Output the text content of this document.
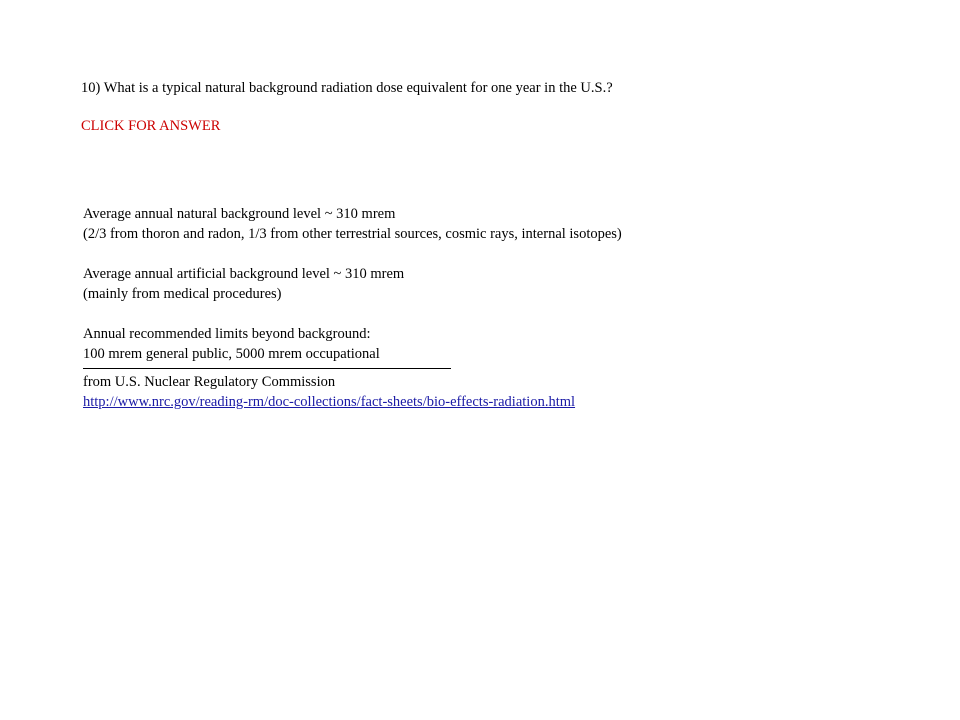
10) What is a typical natural background radiation dose equivalent for one year in the U.S.?
CLICK FOR ANSWER
Average annual natural background level ~ 310 mrem
(2/3 from thoron and radon, 1/3 from other terrestrial sources, cosmic rays, internal isotopes)
Average annual artificial background level ~ 310 mrem
(mainly from medical procedures)
Annual recommended limits beyond background:
100 mrem general public, 5000 mrem occupational
from U.S. Nuclear Regulatory Commission
http://www.nrc.gov/reading-rm/doc-collections/fact-sheets/bio-effects-radiation.html
